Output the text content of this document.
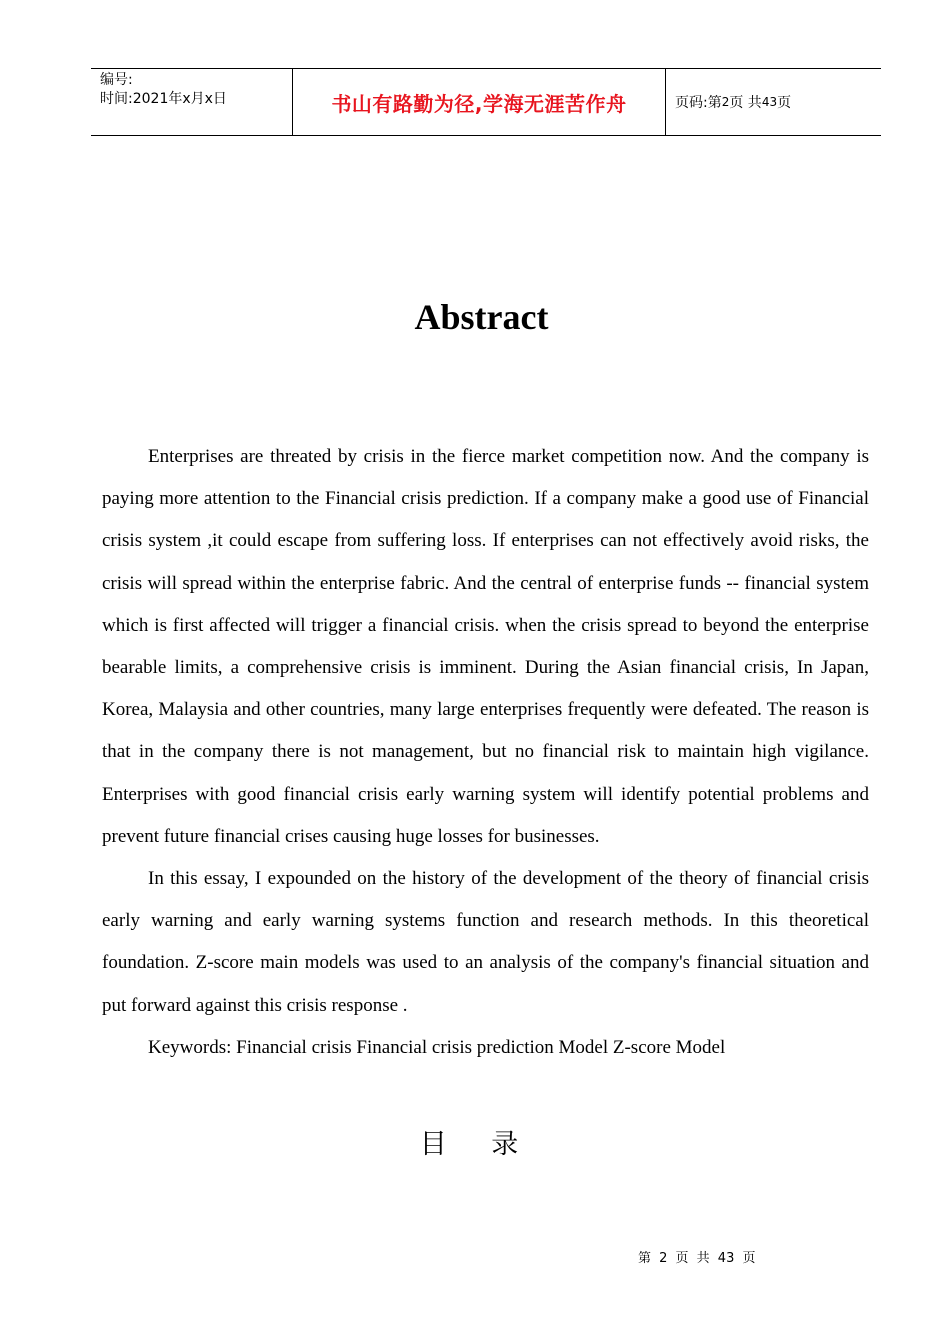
编号:
时间:2021年x月x日	书山有路勤为径,学海无涯苦作舟	页码:第 2 页 共 43 页
Abstract

Enterprises are threated by crisis in the fierce market competition now. And the company is paying more attention to the Financial crisis prediction. If a company make a good use of Financial crisis system ,it could escape from suffering loss. If enterprises can not effectively avoid risks, the crisis will spread within the enterprise fabric. And the central of enterprise funds -- financial system which is first affected will trigger a financial crisis. when the crisis spread to beyond the enterprise bearable limits, a comprehensive crisis is imminent. During the Asian financial crisis, In Japan, Korea, Malaysia and other countries, many large enterprises frequently were defeated. The reason is that in the company there is not management, but no financial risk to maintain high vigilance. Enterprises with good financial crisis early warning system will identify potential problems and prevent future financial crises causing huge losses for businesses.

In this essay, I expounded on the history of the development of the theory of financial crisis early warning and early warning systems function and research methods. In this theoretical foundation. Z-score main models was used to an analysis of the company's financial situation and put forward against this crisis response .

Keywords: Financial crisis Financial crisis prediction Model Z-score Model

目 录
第 2 页 共 43 页
